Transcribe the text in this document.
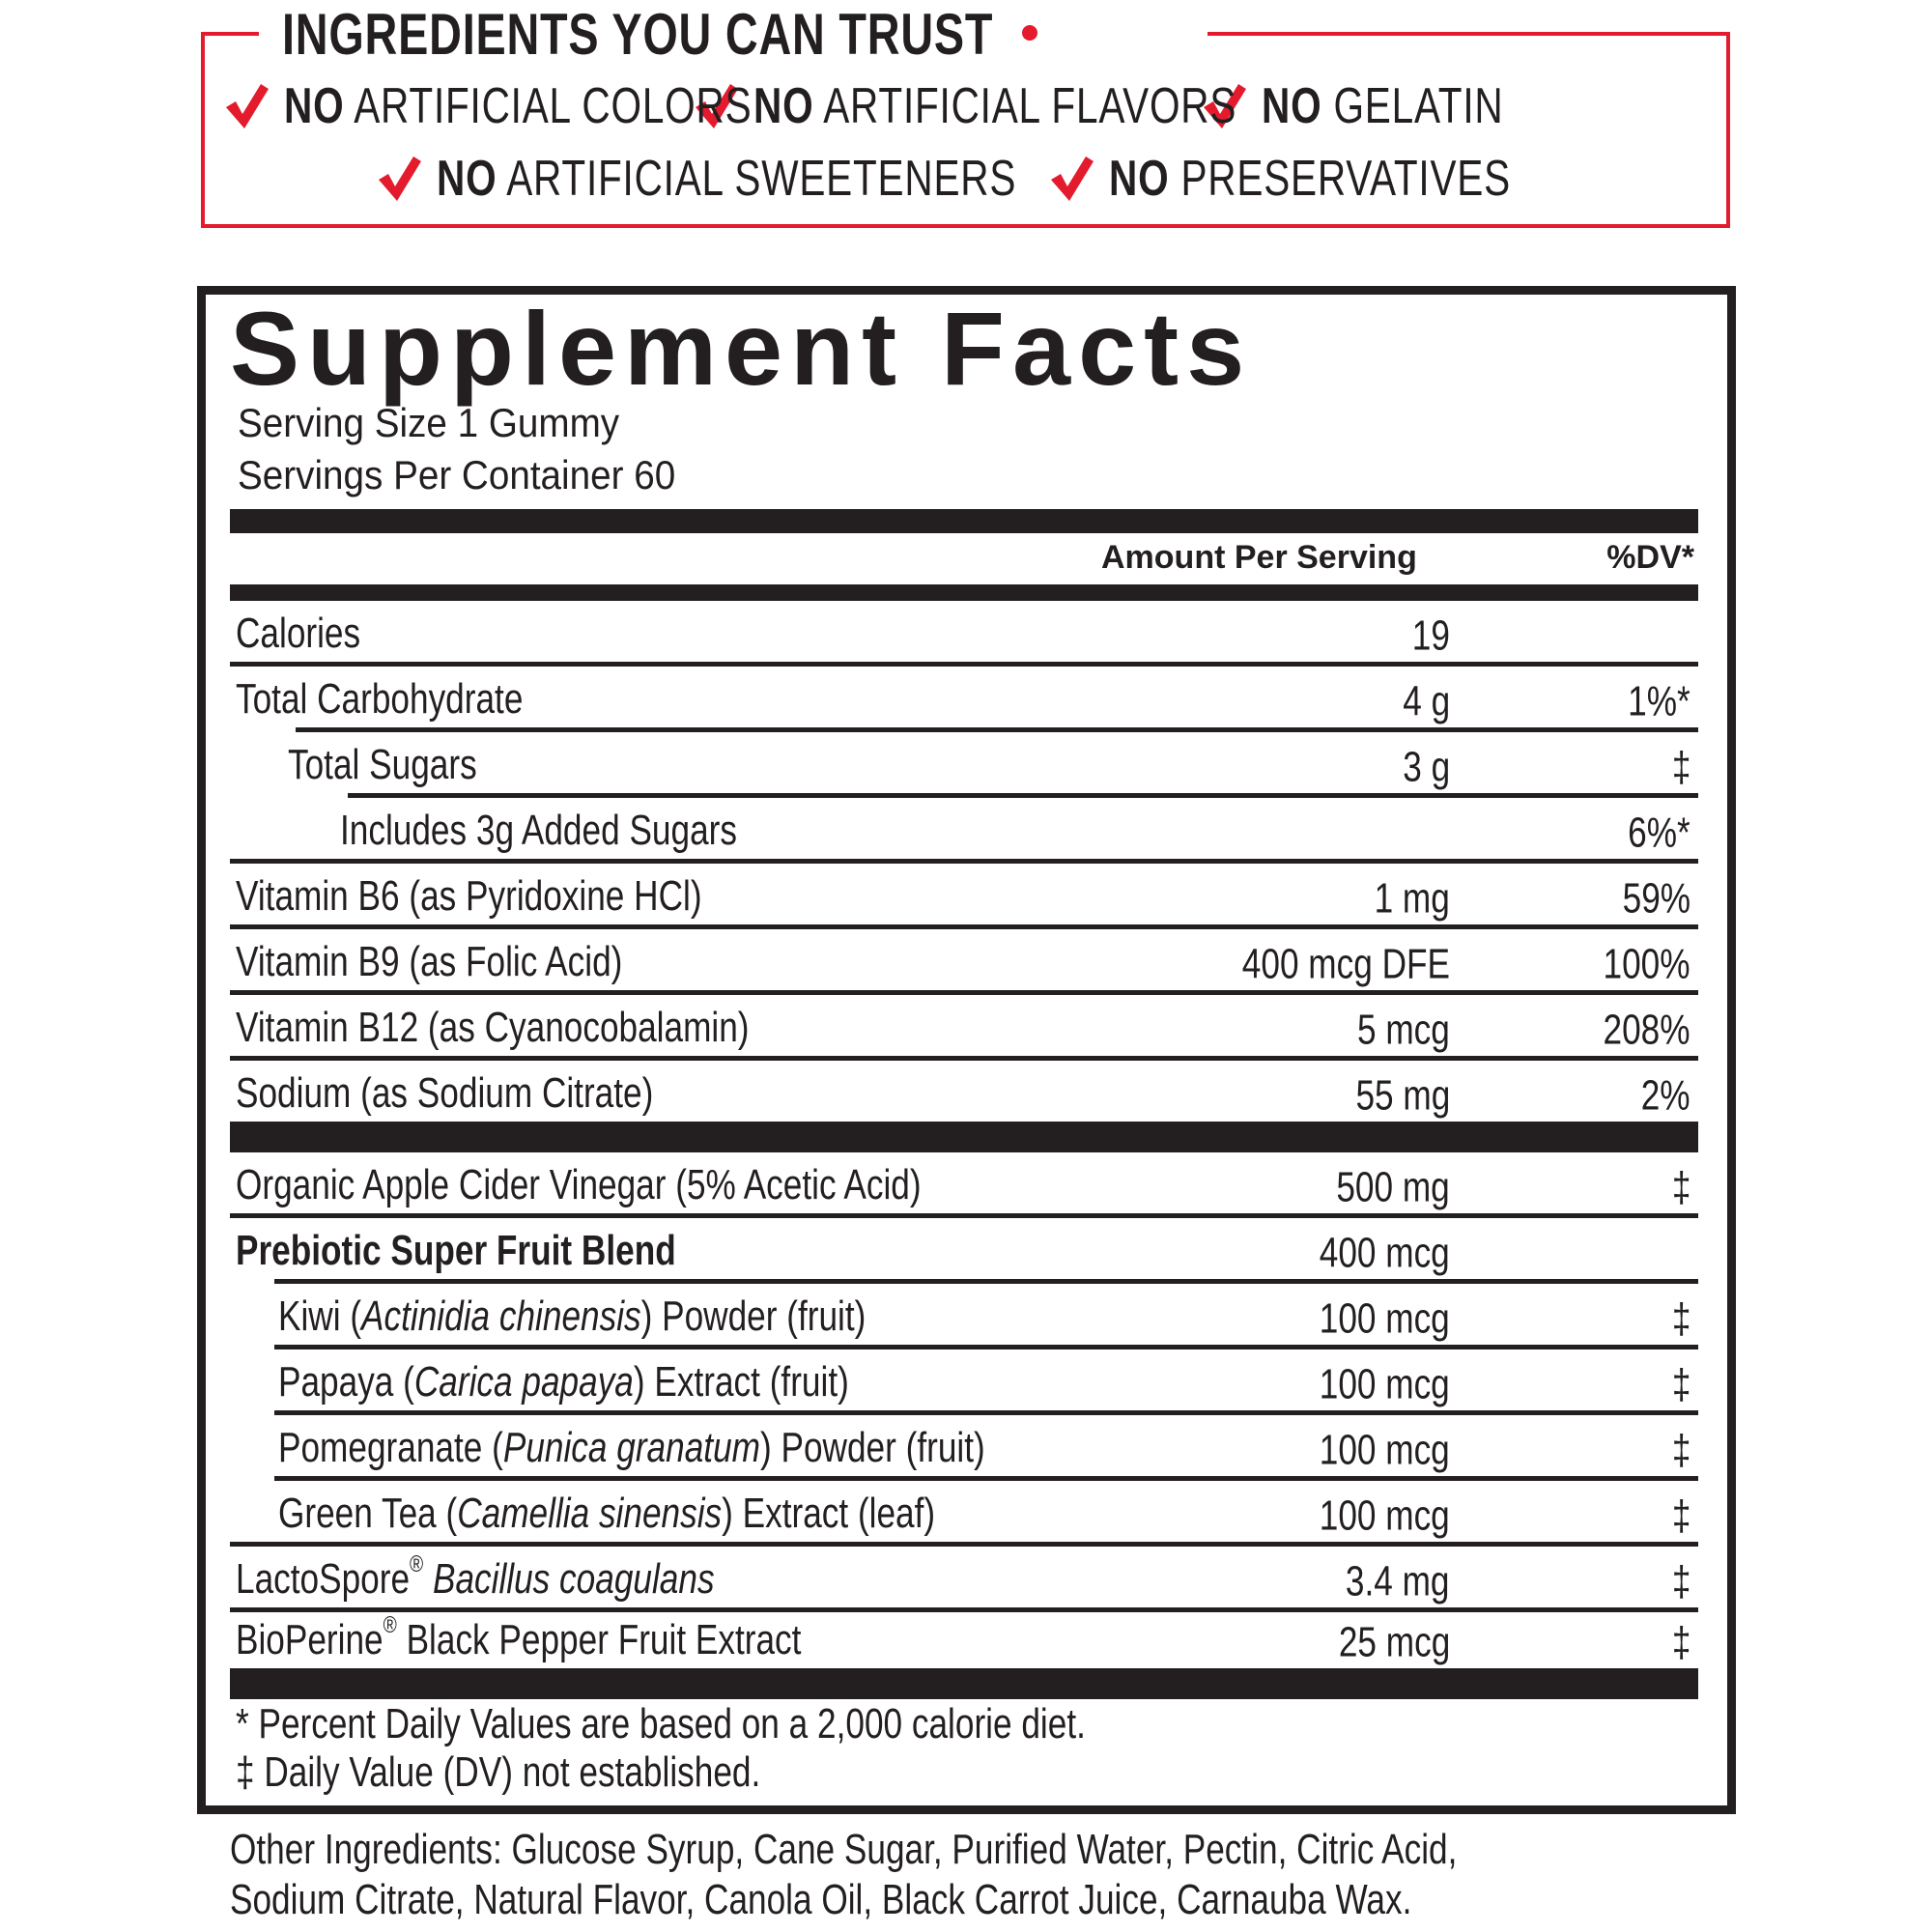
INGREDIENTS YOU CAN TRUST
NO ARTIFICIAL COLORS NO ARTIFICIAL FLAVORS NO GELATIN
NO ARTIFICIAL SWEETENERS NO PRESERVATIVES
Supplement Facts
Serving Size 1 Gummy
Servings Per Container 60
Amount Per Serving	%DV*
Calories	19
Total Carbohydrate	4 g	1%*
Total Sugars	3 g	‡
Includes 3g Added Sugars	6%*
Vitamin B6 (as Pyridoxine HCl)	1 mg	59%
Vitamin B9 (as Folic Acid)	400 mcg DFE	100%
Vitamin B12 (as Cyanocobalamin)	5 mcg	208%
Sodium (as Sodium Citrate)	55 mg	2%
Organic Apple Cider Vinegar (5% Acetic Acid)	500 mg	‡
Prebiotic Super Fruit Blend	400 mcg
Kiwi (Actinidia chinensis) Powder (fruit)	100 mcg	‡
Papaya (Carica papaya) Extract (fruit)	100 mcg	‡
Pomegranate (Punica granatum) Powder (fruit)	100 mcg	‡
Green Tea (Camellia sinensis) Extract (leaf)	100 mcg	‡
LactoSpore® Bacillus coagulans	3.4 mg	‡
BioPerine® Black Pepper Fruit Extract	25 mcg	‡
* Percent Daily Values are based on a 2,000 calorie diet.
‡ Daily Value (DV) not established.
Other Ingredients: Glucose Syrup, Cane Sugar, Purified Water, Pectin, Citric Acid,
Sodium Citrate, Natural Flavor, Canola Oil, Black Carrot Juice, Carnauba Wax.
